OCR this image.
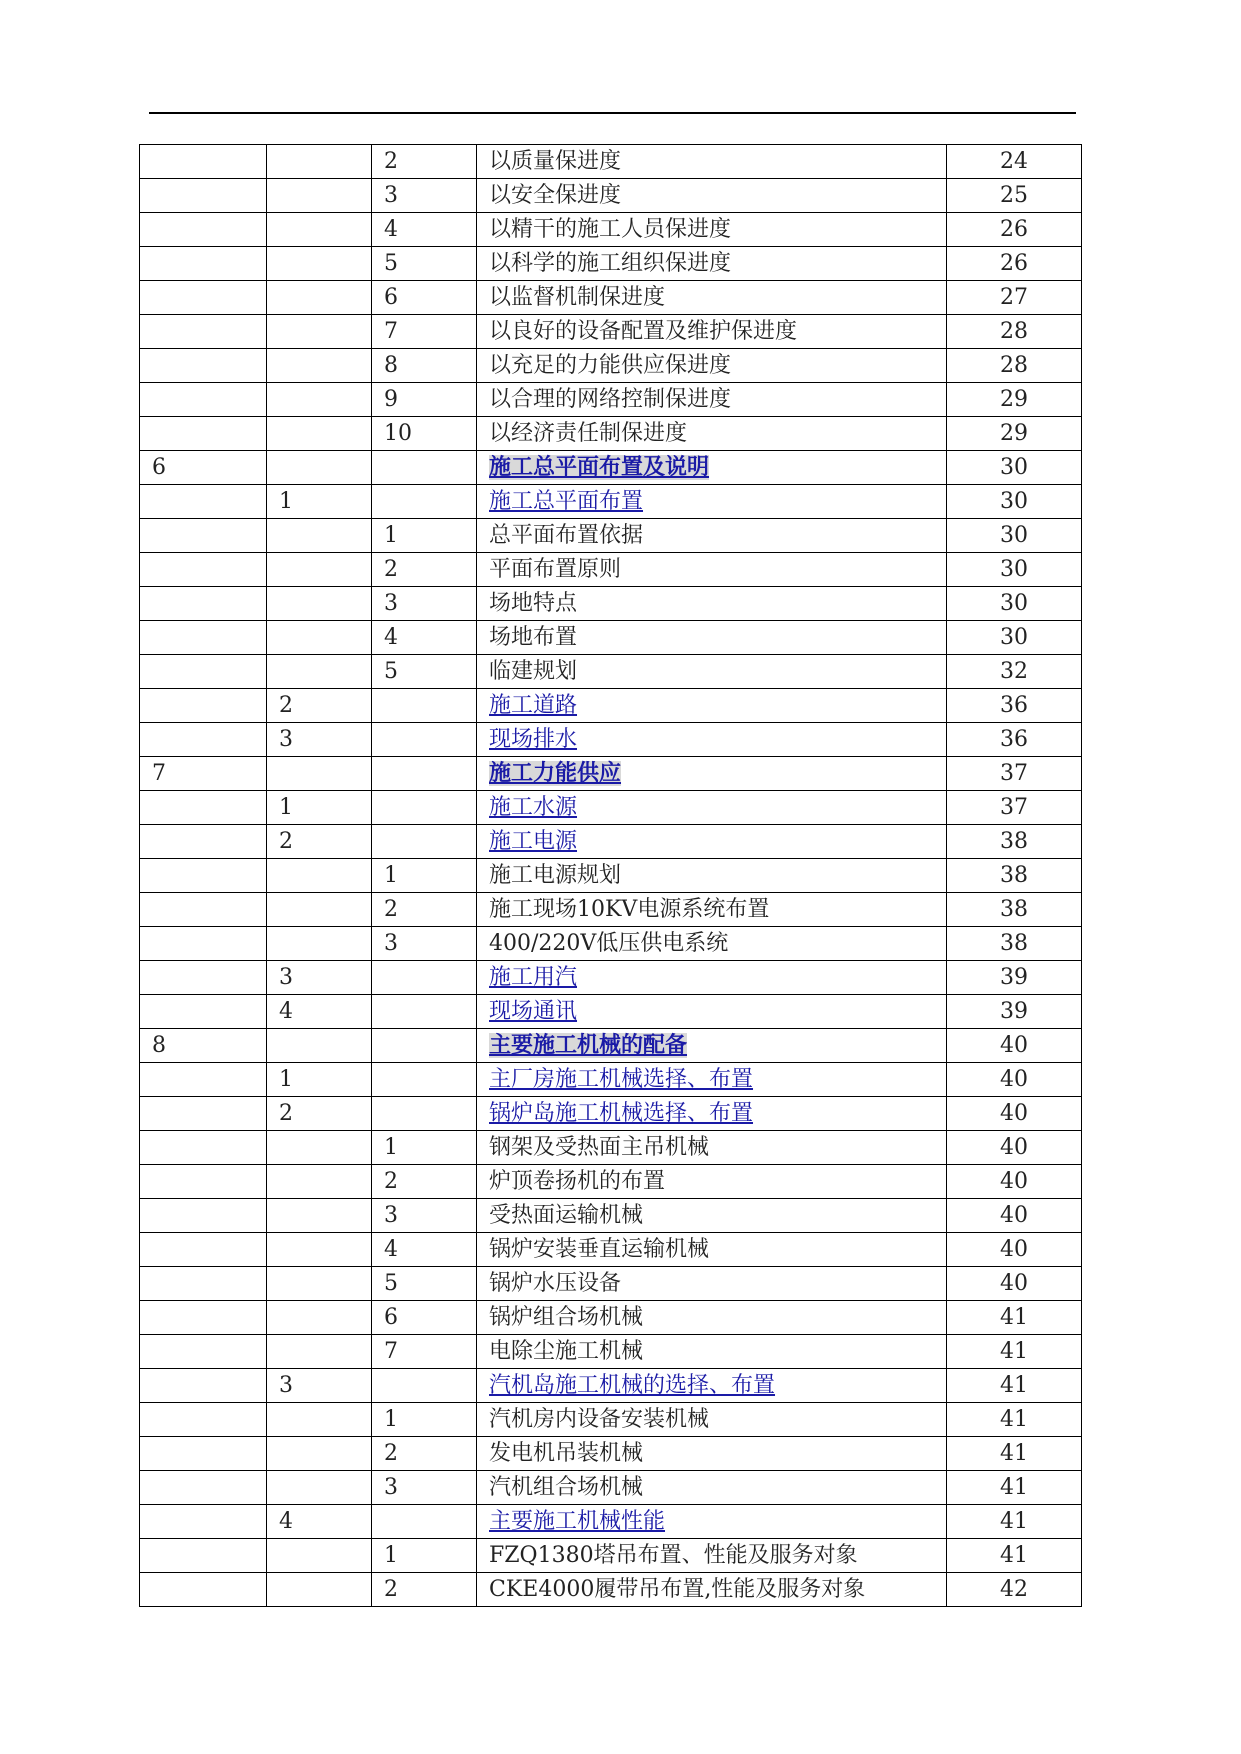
		2	以质量保进度	24
		3	以安全保进度	25
		4	以精干的施工人员保进度	26
		5	以科学的施工组织保进度	26
		6	以监督机制保进度	27
		7	以良好的设备配置及维护保进度	28
		8	以充足的力能供应保进度	28
		9	以合理的网络控制保进度	29
		10	以经济责任制保进度	29
6			施工总平面布置及说明	30
	1		施工总平面布置	30
		1	总平面布置依据	30
		2	平面布置原则	30
		3	场地特点	30
		4	场地布置	30
		5	临建规划	32
	2		施工道路	36
	3		现场排水	36
7			施工力能供应	37
	1		施工水源	37
	2		施工电源	38
		1	施工电源规划	38
		2	施工现场10KV电源系统布置	38
		3	400/220V低压供电系统	38
	3		施工用汽	39
	4		现场通讯	39
8			主要施工机械的配备	40
	1		主厂房施工机械选择、布置	40
	2		锅炉岛施工机械选择、布置	40
		1	钢架及受热面主吊机械	40
		2	炉顶卷扬机的布置	40
		3	受热面运输机械	40
		4	锅炉安装垂直运输机械	40
		5	锅炉水压设备	40
		6	锅炉组合场机械	41
		7	电除尘施工机械	41
	3		汽机岛施工机械的选择、布置	41
		1	汽机房内设备安装机械	41
		2	发电机吊装机械	41
		3	汽机组合场机械	41
	4		主要施工机械性能	41
		1	FZQ1380塔吊布置、性能及服务对象	41
		2	CKE4000履带吊布置,性能及服务对象	42
